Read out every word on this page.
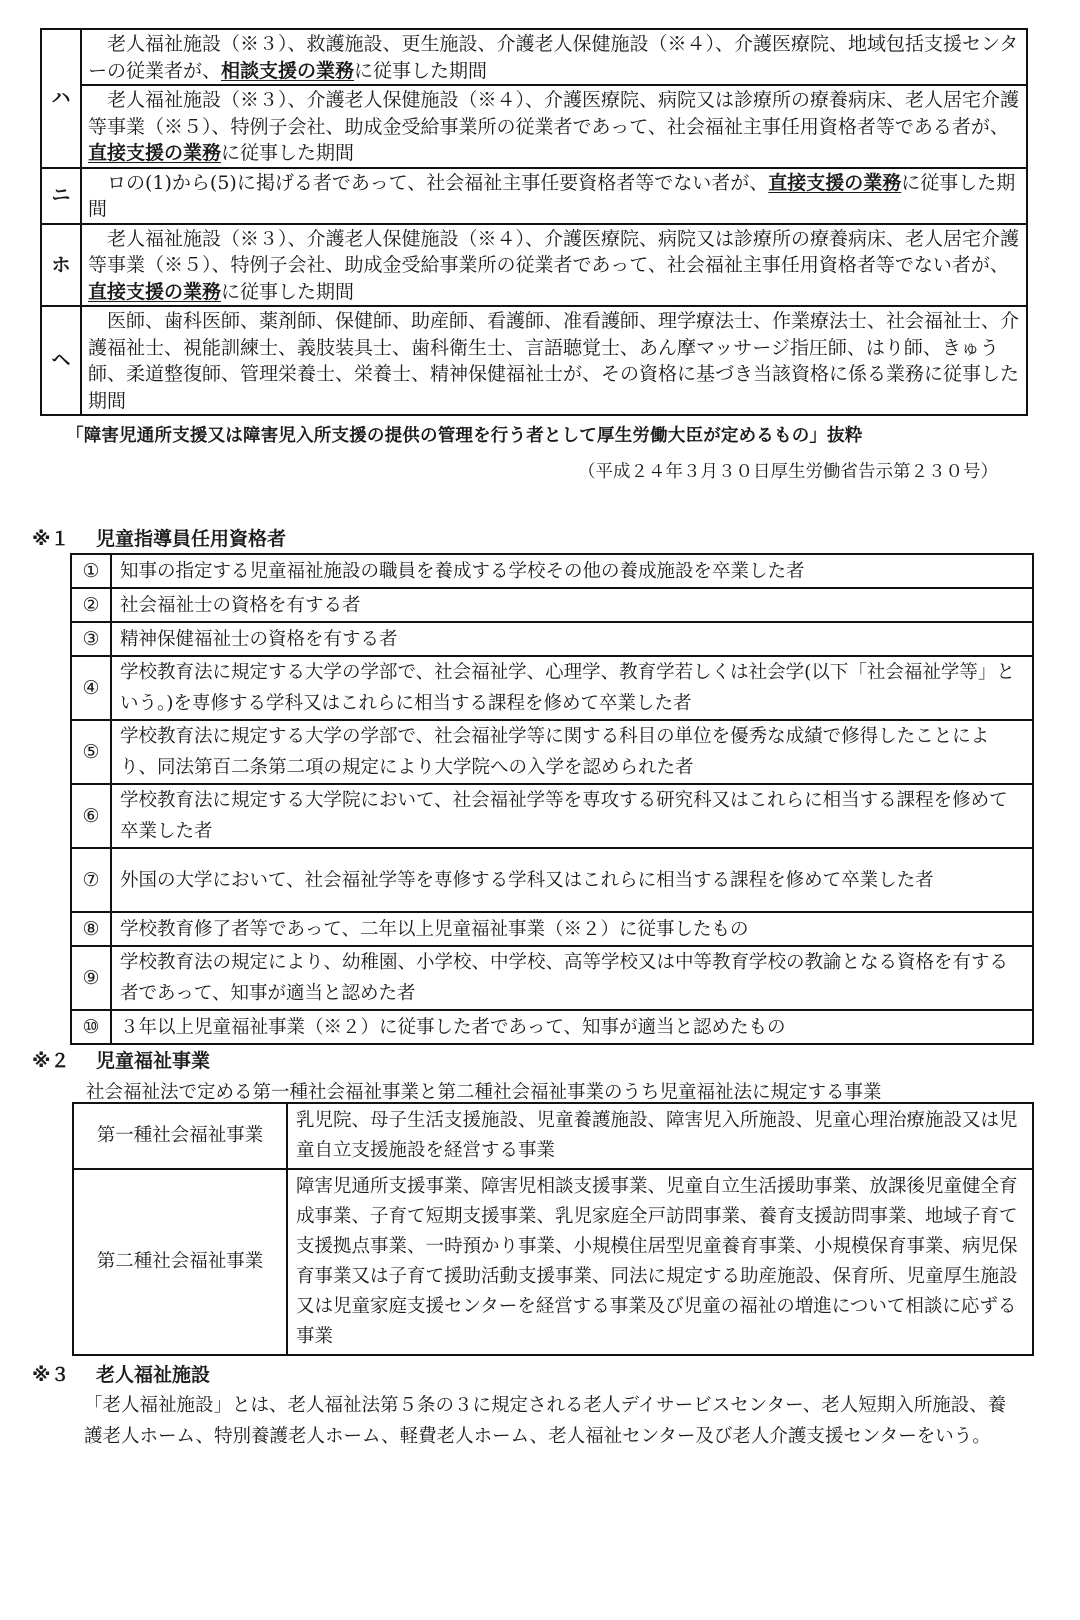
ハ	老人福祉施設（※３）、救護施設、更生施設、介護老人保健施設（※４）、介護医療院、地域包括支援センターの従業者が、相談支援の業務に従事した期間

	老人福祉施設（※３）、介護老人保健施設（※４）、介護医療院、病院又は診療所の療養病床、老人居宅介護等事業（※５）、特例子会社、助成金受給事業所の従業者であって、社会福祉主事任用資格者等である者が、直接支援の業務に従事した期間

ニ	ロの(1)から(5)に掲げる者であって、社会福祉主事任要資格者等でない者が、直接支援の業務に従事した期間

ホ	老人福祉施設（※３）、介護老人保健施設（※４）、介護医療院、病院又は診療所の療養病床、老人居宅介護等事業（※５）、特例子会社、助成金受給事業所の従業者であって、社会福祉主事任用資格者等でない者が、直接支援の業務に従事した期間

ヘ	医師、歯科医師、薬剤師、保健師、助産師、看護師、准看護師、理学療法士、作業療法士、社会福祉士、介護福祉士、視能訓練士、義肢装具士、歯科衛生士、言語聴覚士、あん摩マッサージ指圧師、はり師、きゅう師、柔道整復師、管理栄養士、栄養士、精神保健福祉士が、その資格に基づき当該資格に係る業務に従事した期間
「障害児通所支援又は障害児入所支援の提供の管理を行う者として厚生労働大臣が定めるもの」抜粋
（平成２４年３月３０日厚生労働省告示第２３０号）
※１ 児童指導員任用資格者
①	知事の指定する児童福祉施設の職員を養成する学校その他の養成施設を卒業した者
②	社会福祉士の資格を有する者
③	精神保健福祉士の資格を有する者
④	学校教育法に規定する大学の学部で、社会福祉学、心理学、教育学若しくは社会学(以下「社会福祉学等」という。)を専修する学科又はこれらに相当する課程を修めて卒業した者
⑤	学校教育法に規定する大学の学部で、社会福祉学等に関する科目の単位を優秀な成績で修得したことにより、同法第百二条第二項の規定により大学院への入学を認められた者
⑥	学校教育法に規定する大学院において、社会福祉学等を専攻する研究科又はこれらに相当する課程を修めて卒業した者
⑦	外国の大学において、社会福祉学等を専修する学科又はこれらに相当する課程を修めて卒業した者
⑧	学校教育修了者等であって、二年以上児童福祉事業（※２）に従事したもの
⑨	学校教育法の規定により、幼稚園、小学校、中学校、高等学校又は中等教育学校の教諭となる資格を有する者であって、知事が適当と認めた者
⑩	３年以上児童福祉事業（※２）に従事した者であって、知事が適当と認めたもの
※２ 児童福祉事業
社会福祉法で定める第一種社会福祉事業と第二種社会福祉事業のうち児童福祉法に規定する事業
第一種社会福祉事業	乳児院、母子生活支援施設、児童養護施設、障害児入所施設、児童心理治療施設又は児童自立支援施設を経営する事業
第二種社会福祉事業	障害児通所支援事業、障害児相談支援事業、児童自立生活援助事業、放課後児童健全育成事業、子育て短期支援事業、乳児家庭全戸訪問事業、養育支援訪問事業、地域子育て支援拠点事業、一時預かり事業、小規模住居型児童養育事業、小規模保育事業、病児保育事業又は子育て援助活動支援事業、同法に規定する助産施設、保育所、児童厚生施設又は児童家庭支援センターを経営する事業及び児童の福祉の増進について相談に応ずる事業
※３ 老人福祉施設
「老人福祉施設」とは、老人福祉法第５条の３に規定される老人デイサービスセンター、老人短期入所施設、養護老人ホーム、特別養護老人ホーム、軽費老人ホーム、老人福祉センター及び老人介護支援センターをいう。
